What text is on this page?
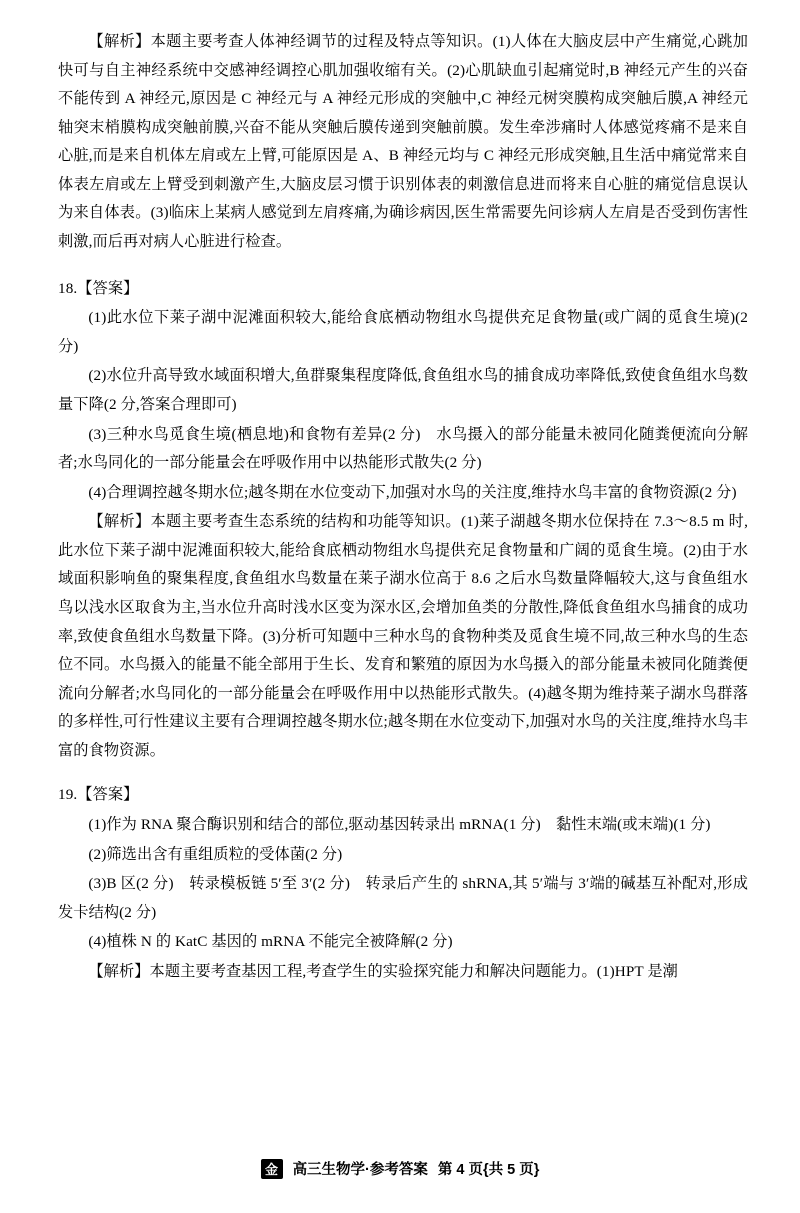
【解析】本题主要考查人体神经调节的过程及特点等知识。(1)人体在大脑皮层中产生痛觉,心跳加快可与自主神经系统中交感神经调控心肌加强收缩有关。(2)心肌缺血引起痛觉时,B 神经元产生的兴奋不能传到 A 神经元,原因是 C 神经元与 A 神经元形成的突触中,C 神经元树突膜构成突触后膜,A 神经元轴突末梢膜构成突触前膜,兴奋不能从突触后膜传递到突触前膜。发生牵涉痛时人体感觉疼痛不是来自心脏,而是来自机体左肩或左上臂,可能原因是 A、B 神经元均与 C 神经元形成突触,且生活中痛觉常来自体表左肩或左上臂受到刺激产生,大脑皮层习惯于识别体表的刺激信息进而将来自心脏的痛觉信息误认为来自体表。(3)临床上某病人感觉到左肩疼痛,为确诊病因,医生常需要先问诊病人左肩是否受到伤害性刺激,而后再对病人心脏进行检查。

18.【答案】

(1)此水位下莱子湖中泥滩面积较大,能给食底栖动物组水鸟提供充足食物量(或广阔的觅食生境)(2 分)

(2)水位升高导致水域面积增大,鱼群聚集程度降低,食鱼组水鸟的捕食成功率降低,致使食鱼组水鸟数量下降(2 分,答案合理即可)

(3)三种水鸟觅食生境(栖息地)和食物有差异(2 分)　水鸟摄入的部分能量未被同化随粪便流向分解者;水鸟同化的一部分能量会在呼吸作用中以热能形式散失(2 分)

(4)合理调控越冬期水位;越冬期在水位变动下,加强对水鸟的关注度,维持水鸟丰富的食物资源(2 分)

【解析】本题主要考查生态系统的结构和功能等知识。(1)莱子湖越冬期水位保持在 7.3～8.5 m 时,此水位下莱子湖中泥滩面积较大,能给食底栖动物组水鸟提供充足食物量和广阔的觅食生境。(2)由于水域面积影响鱼的聚集程度,食鱼组水鸟数量在莱子湖水位高于 8.6 之后水鸟数量降幅较大,这与食鱼组水鸟以浅水区取食为主,当水位升高时浅水区变为深水区,会增加鱼类的分散性,降低食鱼组水鸟捕食的成功率,致使食鱼组水鸟数量下降。(3)分析可知题中三种水鸟的食物种类及觅食生境不同,故三种水鸟的生态位不同。水鸟摄入的能量不能全部用于生长、发育和繁殖的原因为水鸟摄入的部分能量未被同化随粪便流向分解者;水鸟同化的一部分能量会在呼吸作用中以热能形式散失。(4)越冬期为维持莱子湖水鸟群落的多样性,可行性建议主要有合理调控越冬期水位;越冬期在水位变动下,加强对水鸟的关注度,维持水鸟丰富的食物资源。

19.【答案】

(1)作为 RNA 聚合酶识别和结合的部位,驱动基因转录出 mRNA(1 分)　黏性末端(或末端)(1 分)

(2)筛选出含有重组质粒的受体菌(2 分)

(3)B 区(2 分)　转录模板链 5′至 3′(2 分)　转录后产生的 shRNA,其 5′端与 3′端的碱基互补配对,形成发卡结构(2 分)

(4)植株 N 的 KatC 基因的 mRNA 不能完全被降解(2 分)

【解析】本题主要考查基因工程,考查学生的实验探究能力和解决问题能力。(1)HPT 是潮

金	高三生物学·参考答案 第 4 页{共 5 页}
